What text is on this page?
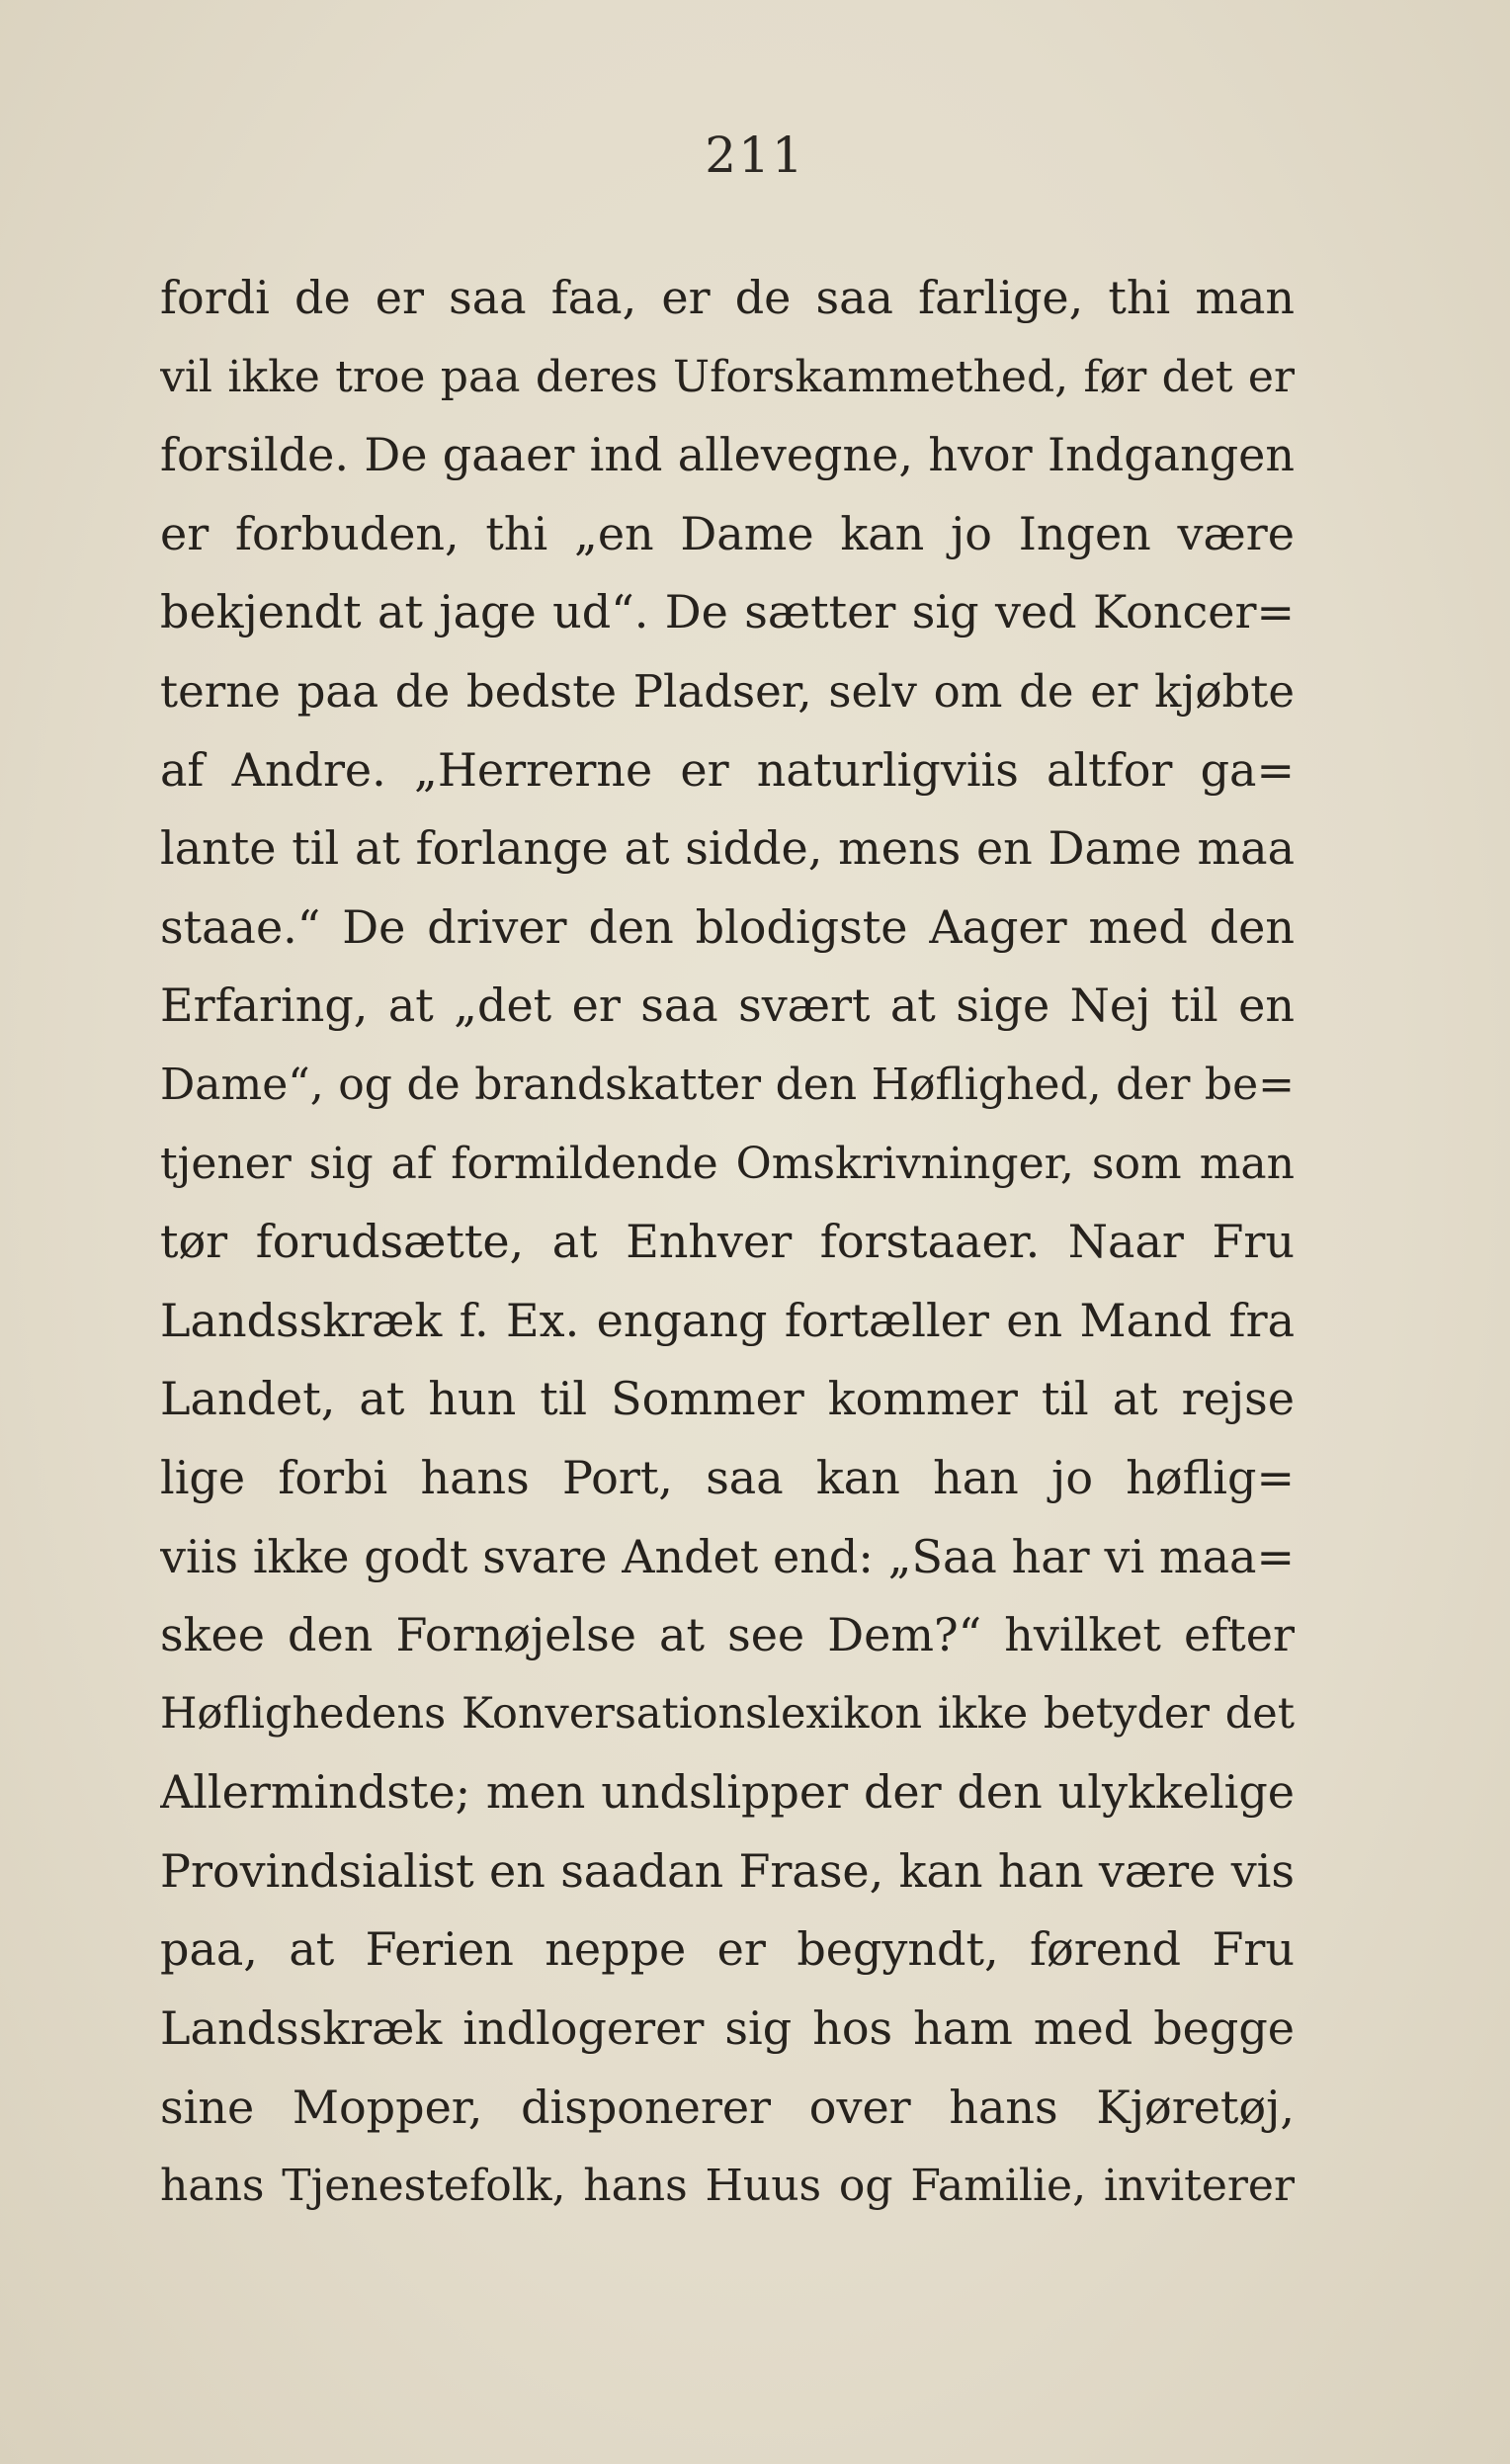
211
fordi de er saa faa, er de saa farlige, thi man
vil ikke troe paa deres Uforskammethed, før det er
forsilde. De gaaer ind allevegne, hvor Indgangen
er forbuden, thi „en Dame kan jo Ingen være
bekjendt at jage ud“. De sætter sig ved Koncer=
terne paa de bedste Pladser, selv om de er kjøbte
af Andre. „Herrerne er naturligviis altfor ga=
lante til at forlange at sidde, mens en Dame maa
staae.“ De driver den blodigste Aager med den
Erfaring, at „det er saa svært at sige Nej til en
Dame“, og de brandskatter den Høflighed, der be=
tjener sig af formildende Omskrivninger, som man
tør forudsætte, at Enhver forstaaer. Naar Fru
Landsskræk f. Ex. engang fortæller en Mand fra
Landet, at hun til Sommer kommer til at rejse
lige forbi hans Port, saa kan han jo høflig=
viis ikke godt svare Andet end: „Saa har vi maa=
skee den Fornøjelse at see Dem?“ hvilket efter
Høflighedens Konversationslexikon ikke betyder det
Allermindste; men undslipper der den ulykkelige
Provindsialist en saadan Frase, kan han være vis
paa, at Ferien neppe er begyndt, førend Fru
Landsskræk indlogerer sig hos ham med begge
sine Mopper, disponerer over hans Kjøretøj,
hans Tjenestefolk, hans Huus og Familie, inviterer
